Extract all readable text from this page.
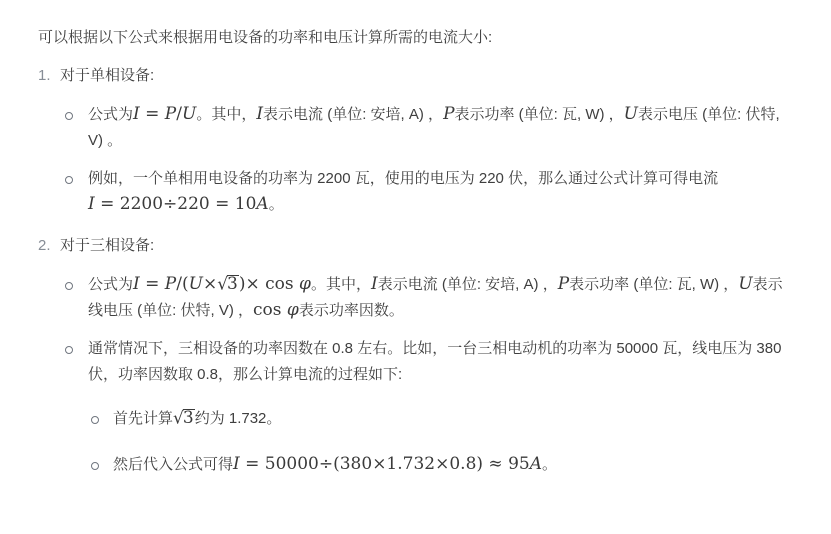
可以根据以下公式来根据用电设备的功率和电压计算所需的电流大小:

1. 对于单相设备:

公式为I = P/U。其中，I表示电流 (单位: 安培, A) ，P表示功率 (单位: 瓦, W) ，U表示电压 (单位: 伏特, V) 。

例如，一个单相用电设备的功率为 2200 瓦，使用的电压为 220 伏，那么通过公式计算可得电流 I = 2200÷220 = 10A。

2. 对于三相设备:

公式为I = P/(U×√3)× cos φ。其中，I表示电流 (单位: 安培, A) ，P表示功率 (单位: 瓦, W) ，U表示线电压 (单位: 伏特, V) ，cos φ表示功率因数。

通常情况下，三相设备的功率因数在 0.8 左右。比如，一台三相电动机的功率为 50000 瓦，线电压为 380 伏，功率因数取 0.8，那么计算电流的过程如下:

首先计算√3约为 1.732。

然后代入公式可得I = 50000÷(380×1.732×0.8) ≈ 95A。
